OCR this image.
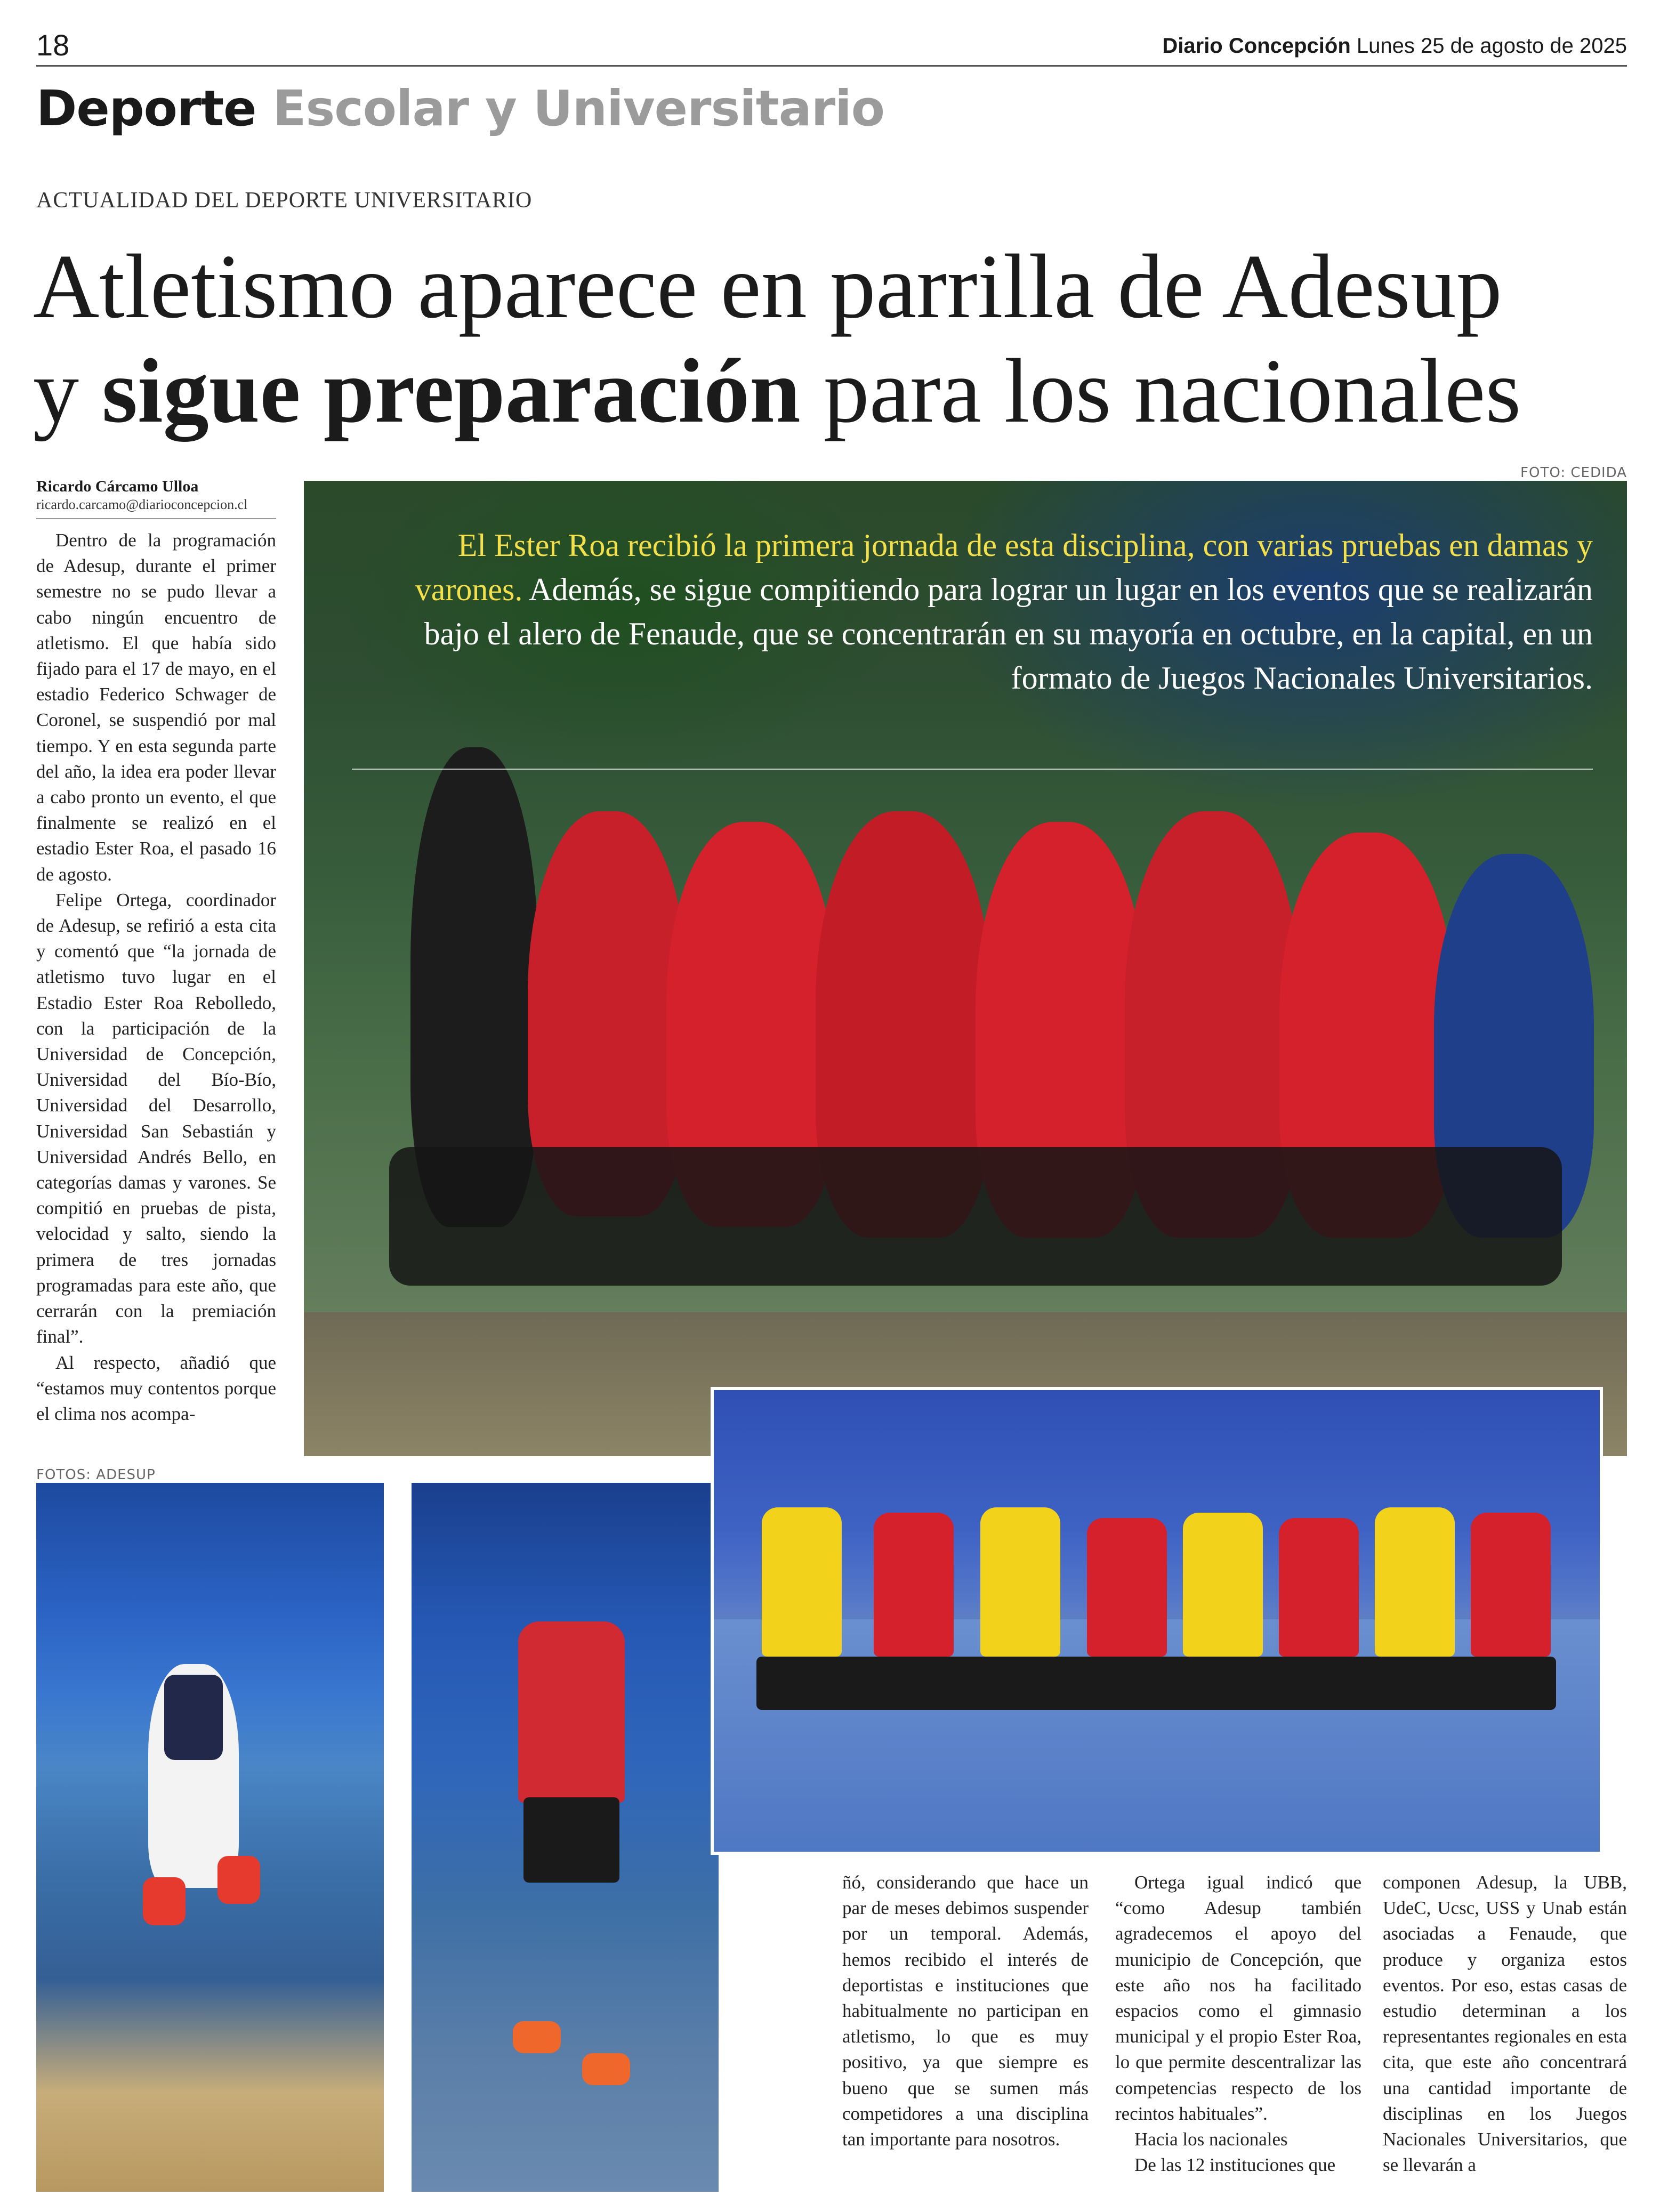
18	Diario Concepción Lunes 25 de agosto de 2025
Deporte Escolar y Universitario
ACTUALIDAD DEL DEPORTE UNIVERSITARIO
Atletismo aparece en parrilla de Adesup
y sigue preparación para los nacionales
Ricardo Cárcamo Ulloa
ricardo.carcamo@diarioconcepcion.cl

Dentro de la programación de Adesup, durante el primer semestre no se pudo llevar a cabo ningún encuentro de atletismo. El que había sido fijado para el 17 de mayo, en el estadio Federico Schwager de Coronel, se suspendió por mal tiempo. Y en esta segunda parte del año, la idea era poder llevar a cabo pronto un evento, el que finalmente se realizó en el estadio Ester Roa, el pasado 16 de agosto.

Felipe Ortega, coordinador de Adesup, se refirió a esta cita y comentó que “la jornada de atletismo tuvo lugar en el Estadio Ester Roa Rebolledo, con la participación de la Universidad de Concepción, Universidad del Bío-Bío, Universidad del Desarrollo, Universidad San Sebastián y Universidad Andrés Bello, en categorías damas y varones. Se compitió en pruebas de pista, velocidad y salto, siendo la primera de tres jornadas programadas para este año, que cerrarán con la premiación final”.

Al respecto, añadió que “estamos muy contentos porque el clima nos acompa-

FOTO: CEDIDA
El Ester Roa recibió la primera jornada de esta disciplina, con varias pruebas en damas y varones. Además, se sigue compitiendo para lograr un lugar en los eventos que se realizarán bajo el alero de Fenaude, que se concentrarán en su mayoría en octubre, en la capital, en un formato de Juegos Nacionales Universitarios.
FOTOS: ADESUP

ñó, considerando que hace un par de meses debimos suspender por un temporal. Además, hemos recibido el interés de deportistas e instituciones que habitualmente no participan en atletismo, lo que es muy positivo, ya que siempre es bueno que se sumen más competidores a una disciplina tan importante para nosotros.

Ortega igual indicó que “como Adesup también agradecemos el apoyo del municipio de Concepción, que este año nos ha facilitado espacios como el gimnasio municipal y el propio Ester Roa, lo que permite descentralizar las competencias respecto de los recintos habituales”.

Hacia los nacionales

De las 12 instituciones que

componen Adesup, la UBB, UdeC, Ucsc, USS y Unab están asociadas a Fenaude, que produce y organiza estos eventos. Por eso, estas casas de estudio determinan a los representantes regionales en esta cita, que este año concentrará una cantidad importante de disciplinas en los Juegos Nacionales Universitarios, que se llevarán a
